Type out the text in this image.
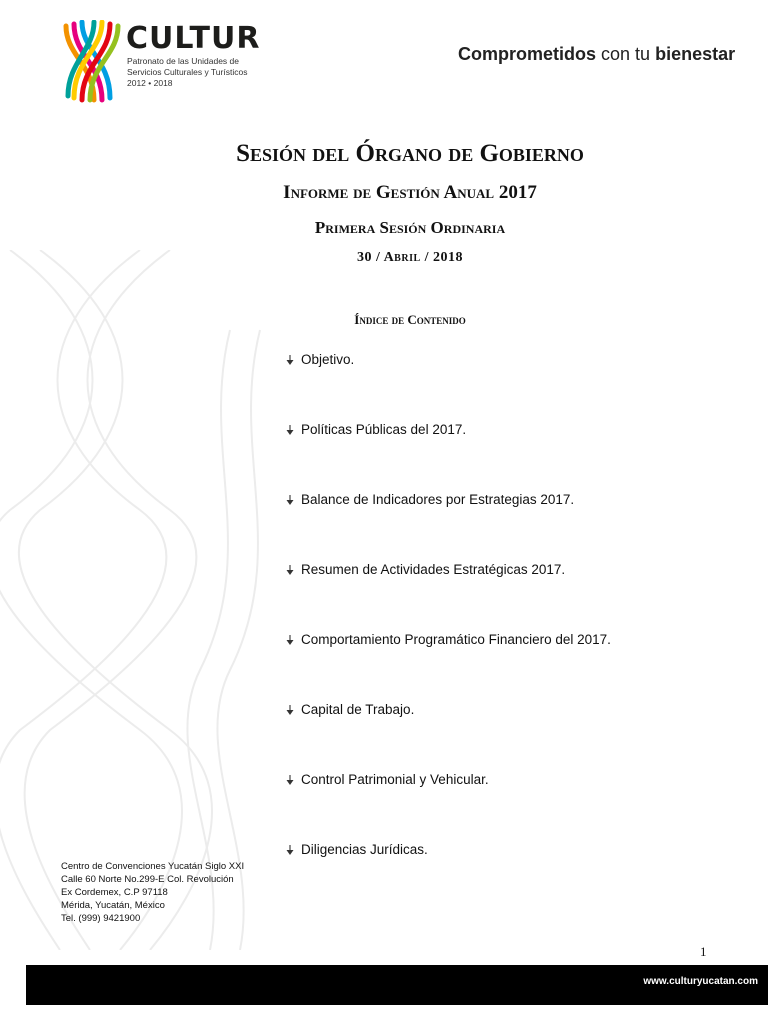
CULTUR
Patronato de las Unidades de
Servicios Culturales y Turísticos
2012 • 2018
Comprometidos con tu bienestar
Sesión del Órgano de Gobierno
Informe de Gestión Anual 2017
Primera Sesión Ordinaria
30 / Abril / 2018
Índice de Contenido
Objetivo.
Políticas Públicas del 2017.
Balance de Indicadores por Estrategias 2017.
Resumen de Actividades Estratégicas 2017.
Comportamiento Programático Financiero del 2017.
Capital de Trabajo.
Control Patrimonial y Vehicular.
Diligencias Jurídicas.
Centro de Convenciones Yucatán Siglo XXI
Calle 60 Norte No.299-E Col. Revolución
Ex Cordemex, C.P 97118
Mérida, Yucatán, México
Tel. (999) 9421900
1
www.culturyucatan.com
